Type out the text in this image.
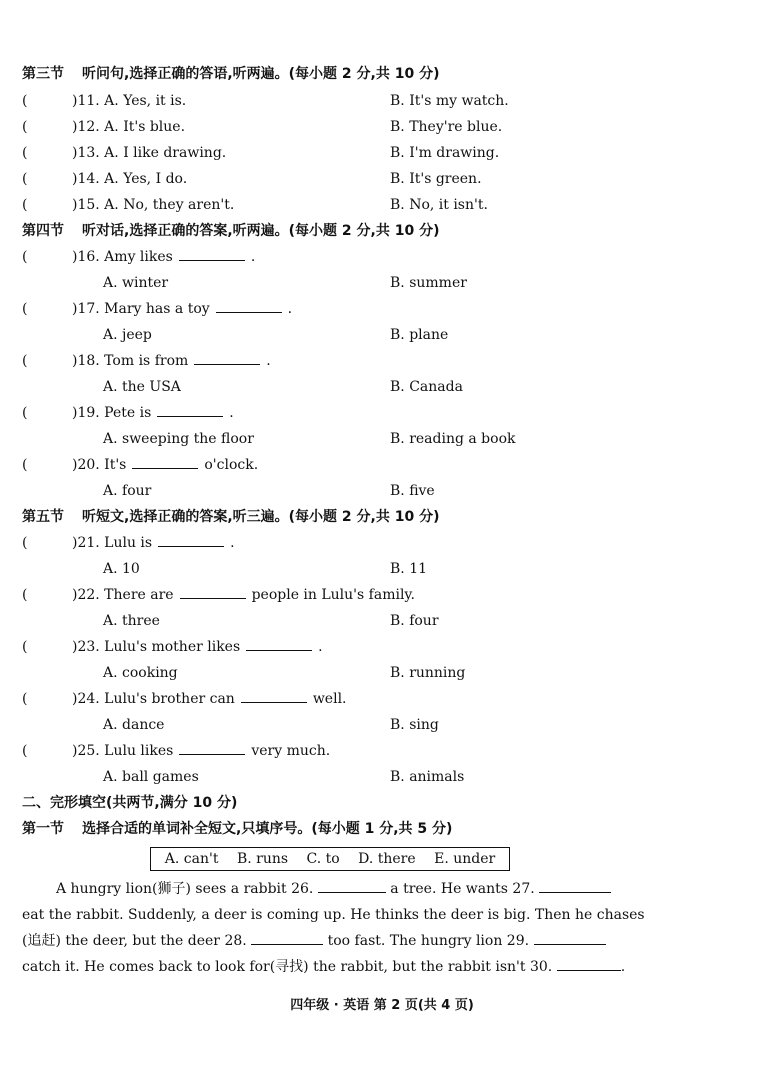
第三节 听问句,选择正确的答语,听两遍。(每小题 2 分,共 10 分)
(	)11. A. Yes, it is.	B. It's my watch.
(	)12. A. It's blue.	B. They're blue.
(	)13. A. I like drawing.	B. I'm drawing.
(	)14. A. Yes, I do.	B. It's green.
(	)15. A. No, they aren't.	B. No, it isn't.
第四节 听对话,选择正确的答案,听两遍。(每小题 2 分,共 10 分)
(	)16. Amy likes	.
A. winter	B. summer
(	)17. Mary has a toy	.
A. jeep	B. plane
(	)18. Tom is from	.
A. the USA	B. Canada
(	)19. Pete is	.
A. sweeping the floor	B. reading a book
(	)20. It's	o'clock.
A. four	B. five
第五节 听短文,选择正确的答案,听三遍。(每小题 2 分,共 10 分)
(	)21. Lulu is	.
A. 10	B. 11
(	)22. There are	people in Lulu's family.
A. three	B. four
(	)23. Lulu's mother likes	.
A. cooking	B. running
(	)24. Lulu's brother can	well.
A. dance	B. sing
(	)25. Lulu likes	very much.
A. ball games	B. animals
二、完形填空(共两节,满分 10 分)
第一节 选择合适的单词补全短文,只填序号。(每小题 1 分,共 5 分)
A. can't B. runs C. to D. there E. under
A hungry lion(狮子) sees a rabbit 26.	a tree. He wants 27.
eat the rabbit. Suddenly, a deer is coming up. He thinks the deer is big. Then he chases
(追赶) the deer, but the deer 28.	too fast. The hungry lion 29.
catch it. He comes back to look for(寻找) the rabbit, but the rabbit isn't 30.	.
四年级 · 英语 第 2 页(共 4 页)
